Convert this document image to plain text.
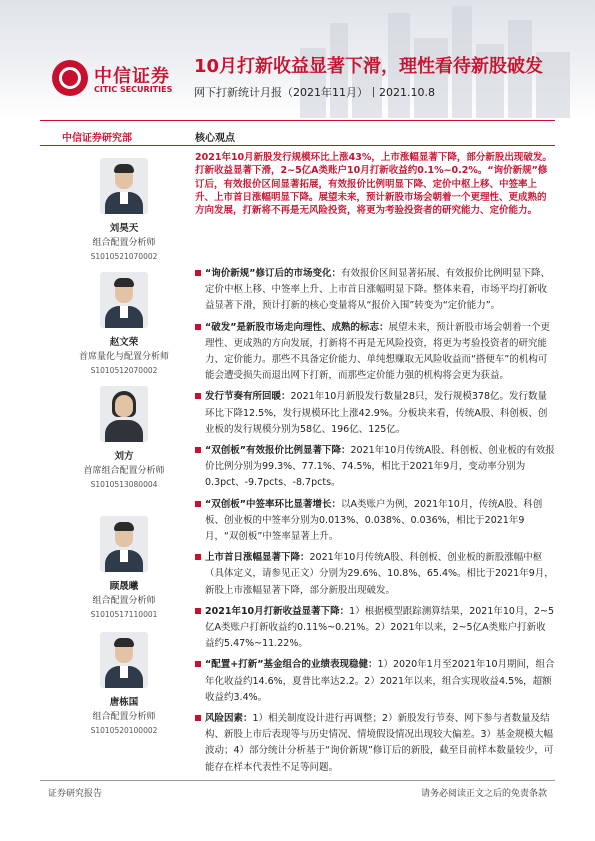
中信证券
CITIC SECURITIES
10月打新收益显著下滑，理性看待新股破发
网下打新统计月报（2021年11月）丨2021.10.8
中信证券研究部	核心观点
刘昊天
组合配置分析师
S1010521070002
赵文荣
首席量化与配置分析师
S1010512070002
刘方
首席组合配置分析师
S1010513080004
顾晟曦
组合配置分析师
S1010517110001
唐栋国
组合配置分析师
S1010520100002
2021年10月新股发行规模环比上涨43%，上市涨幅显著下降，部分新股出现破发。打新收益显著下滑，2~5亿A类账户10月打新收益约0.1%~0.2%。“询价新规”修订后，有效报价区间显著拓展，有效报价比例明显下降、定价中枢上移、中签率上升、上市首日涨幅明显下降。展望未来，预计新股市场会朝着一个更理性、更成熟的方向发展，打新将不再是无风险投资，将更为考验投资者的研究能力、定价能力。
“询价新规”修订后的市场变化：有效报价区间显著拓展、有效报价比例明显下降、定价中枢上移、中签率上升、上市首日涨幅明显下降。整体来看，市场平均打新收益显著下滑，预计打新的核心变量将从“报价入围”转变为“定价能力”。
“破发”是新股市场走向理性、成熟的标志：展望未来，预计新股市场会朝着一个更理性、更成熟的方向发展，打新将不再是无风险投资，将更为考验投资者的研究能力、定价能力。那些不具备定价能力、单纯想赚取无风险收益而“搭便车”的机构可能会遭受损失而退出网下打新，而那些定价能力强的机构将会更为获益。
发行节奏有所回暖：2021年10月新股发行数量28只，发行规模378亿。发行数量环比下降12.5%，发行规模环比上涨42.9%。分板块来看，传统A股、科创板、创业板的发行规模分别为58亿、196亿、125亿。
“双创板”有效报价比例显著下降：2021年10月传统A股、科创板、创业板的有效报价比例分别为99.3%、77.1%、74.5%，相比于2021年9月，变动率分别为0.3pct、-9.7pcts、-8.7pcts。
“双创板”中签率环比显著增长：以A类账户为例，2021年10月，传统A股、科创板、创业板的中签率分别为0.013%、0.038%、0.036%，相比于2021年9月，“双创板”中签率显著上升。
上市首日涨幅显著下降：2021年10月传统A股、科创板、创业板的新股涨幅中枢（具体定义，请参见正文）分别为29.6%、10.8%、65.4%。相比于2021年9月，新股上市涨幅显著下降，部分新股出现破发。
2021年10月打新收益显著下降：1）根据模型跟踪测算结果，2021年10月，2~5亿A类账户打新收益约0.11%~0.21%。2）2021年以来，2~5亿A类账户打新收益约5.47%~11.22%。
“配置+打新”基金组合的业绩表现稳健：1）2020年1月至2021年10月期间，组合年化收益约14.6%，夏普比率达2.2。2）2021年以来，组合实现收益4.5%，超额收益约3.4%。
风险因素：1）相关制度设计进行再调整；2）新股发行节奏、网下参与者数量及结构、新股上市后表现等与历史情况、情境假设情况出现较大偏差。3）基金规模大幅波动；4）部分统计分析基于“询价新规”修订后的新股，截至目前样本数量较少，可能存在样本代表性不足等问题。
证券研究报告	请务必阅读正文之后的免责条款
